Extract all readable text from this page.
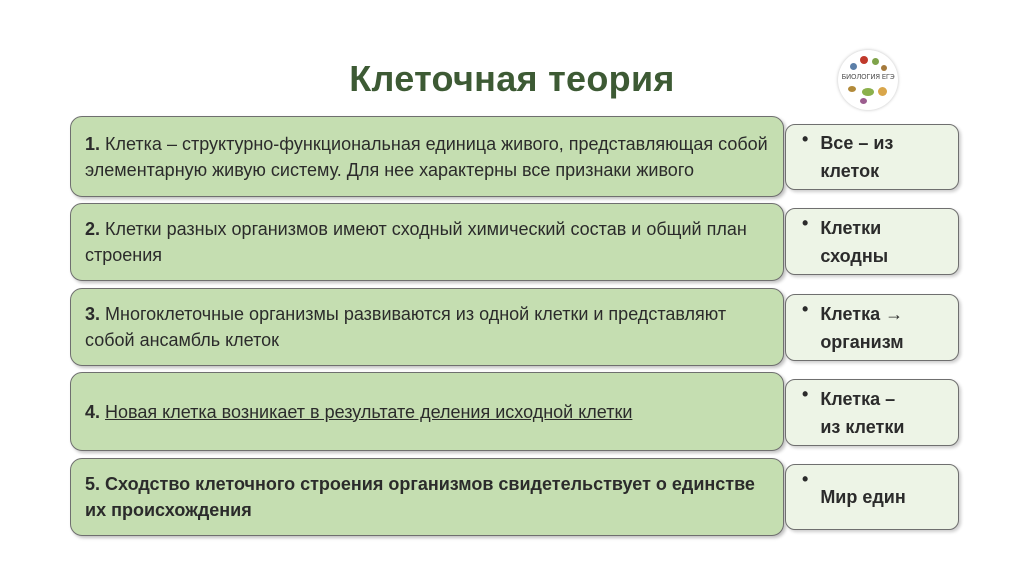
Клеточная теория	БИОЛОГИЯ ЕГЭ
1. Клетка – структурно-функциональная единица живого, представляющая собой элементарную живую систему. Для нее характерны все признаки живого
• Все – из
клеток
2. Клетки разных организмов имеют сходный химический состав и общий план строения
• Клетки
сходны
3. Многоклеточные организмы развиваются из одной клетки и представляют собой ансамбль клеток
• Клетка →
организм
4. Новая клетка возникает в результате деления исходной клетки
• Клетка –
из клетки
5. Сходство клеточного строения организмов свидетельствует о единстве их происхождения
•
Мир един
